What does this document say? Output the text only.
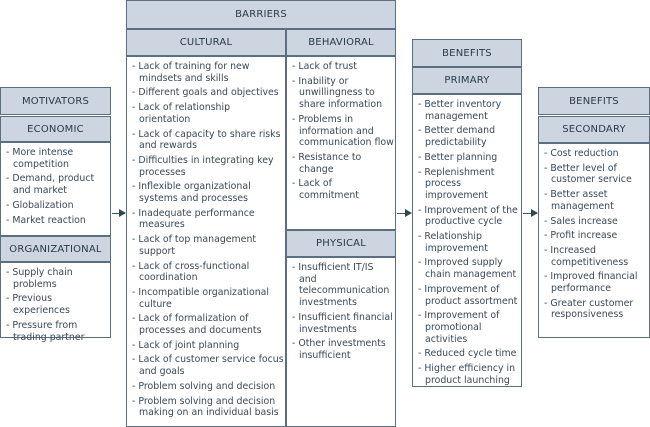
MOTIVATORS
ECONOMIC
- More intense competition
- Demand, product and market
- Globalization
- Market reaction
ORGANIZATIONAL
- Supply chain problems
- Previous experiences
- Pressure from trading partner
BARRIERS
CULTURAL
- Lack of training for new mindsets and skills
- Different goals and objectives
- Lack of relationship orientation
- Lack of capacity to share risks and rewards
- Difficulties in integrating key processes
- Inflexible organizational systems and processes
- Inadequate performance measures
- Lack of top management support
- Lack of cross-functional coordination
- Incompatible organizational culture
- Lack of formalization of processes and documents
- Lack of joint planning
- Lack of customer service focus and goals
- Problem solving and decision
- Problem solving and decision making on an individual basis
BEHAVIORAL
- Lack of trust
- Inability or unwillingness to share information
- Problems in information and communication flow
- Resistance to change
- Lack of commitment
PHYSICAL
- Insufficient IT/IS and telecommunication investments
- Insufficient financial investments
- Other investments insufficient
BENEFITS
PRIMARY
- Better inventory management
- Better demand predictability
- Better planning
- Replenishment process improvement
- Improvement of the productive cycle
- Relationship improvement
- Improved supply chain management
- Improvement of product assortment
- Improvement of promotional activities
- Reduced cycle time
- Higher efficiency in product launching
BENEFITS
SECONDARY
- Cost reduction
- Better level of customer service
- Better asset management
- Sales increase
- Profit increase
- Increased competitiveness
- Improved financial performance
- Greater customer responsiveness
